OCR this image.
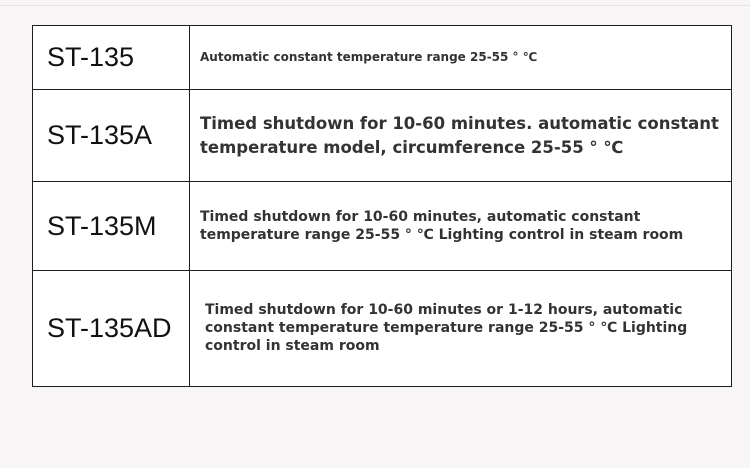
ST-135	Automatic constant temperature range 25-55 ° ℃

ST-135A	Timed shutdown for 10-60 minutes. automatic constant temperature model, circumference 25-55 ° ℃

ST-135M	Timed shutdown for 10-60 minutes, automatic constant temperature range 25-55 ° ℃ Lighting control in steam room

ST-135AD	Timed shutdown for 10-60 minutes or 1-12 hours, automatic constant temperature temperature range 25-55 ° ℃ Lighting control in steam room
